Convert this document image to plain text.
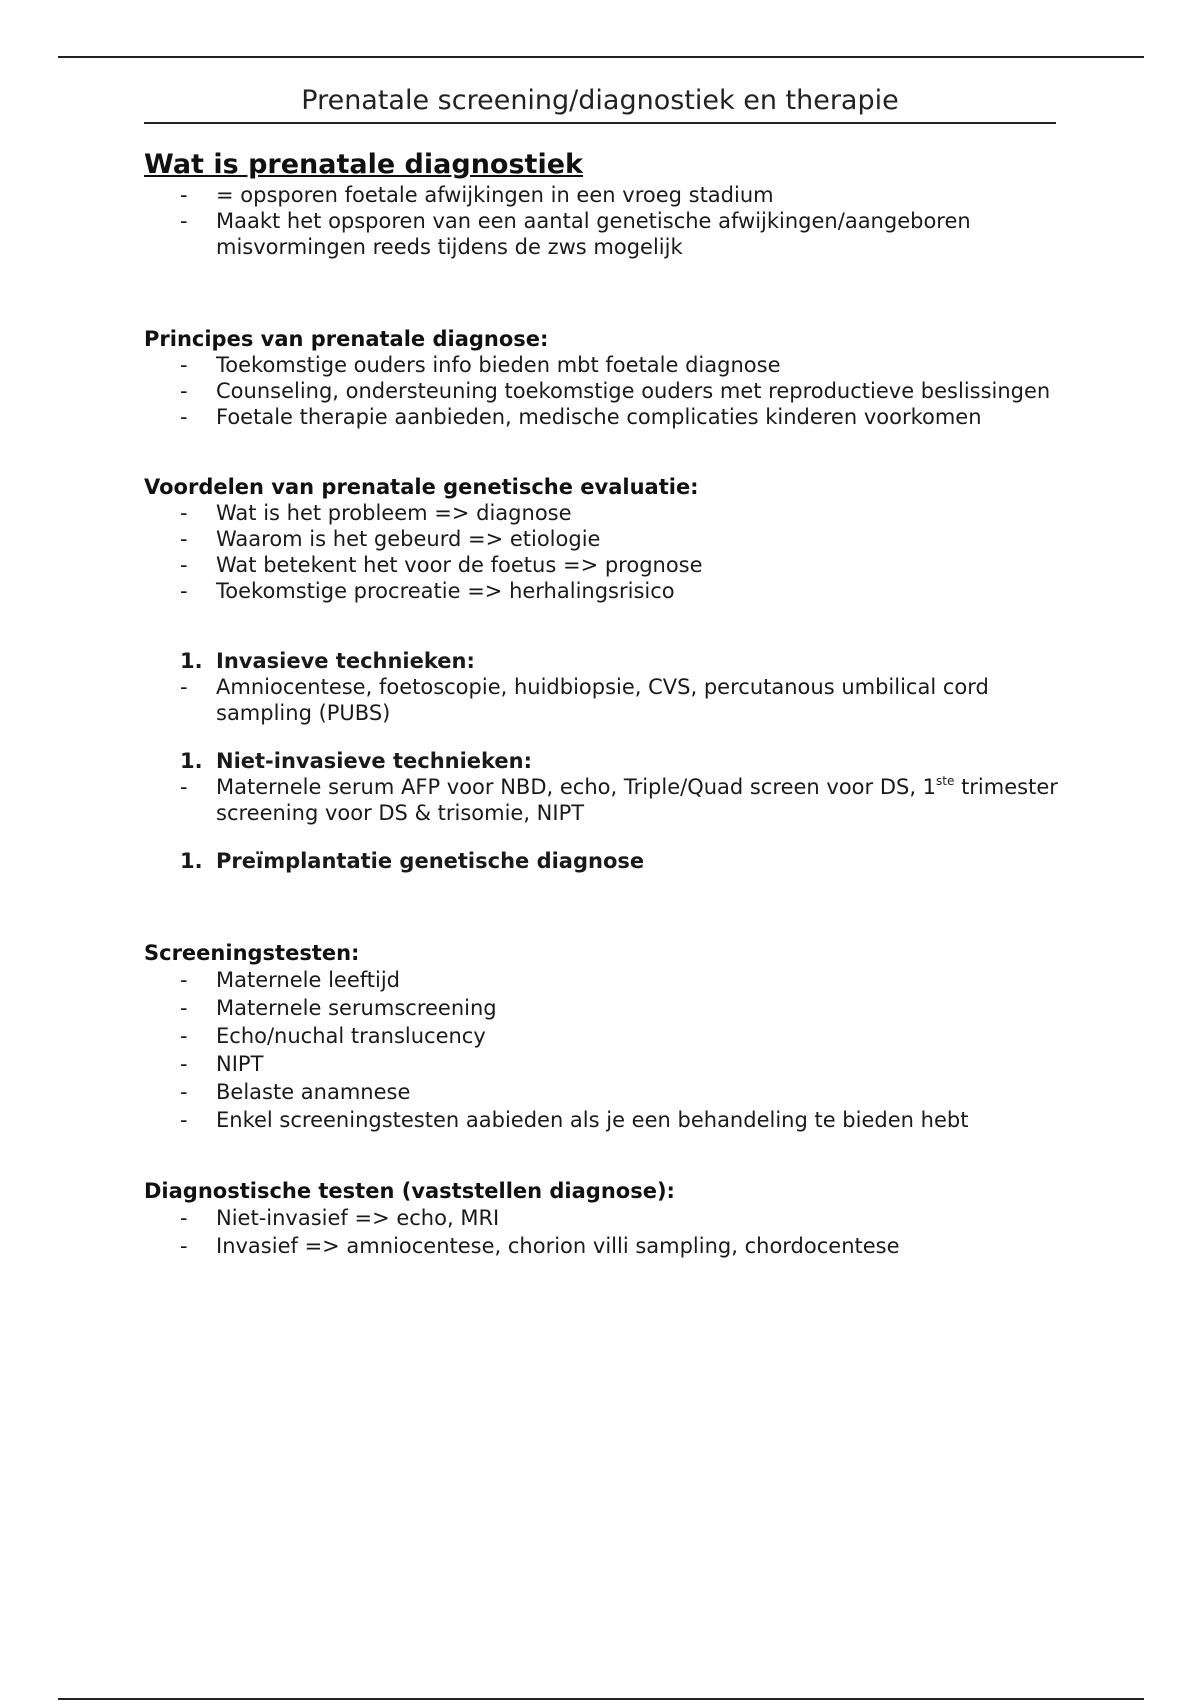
Prenatale screening/diagnostiek en therapie
Wat is prenatale diagnostiek
- = opsporen foetale afwijkingen in een vroeg stadium
- Maakt het opsporen van een aantal genetische afwijkingen/aangeboren misvormingen reeds tijdens de zws mogelijk
Principes van prenatale diagnose:
- Toekomstige ouders info bieden mbt foetale diagnose
- Counseling, ondersteuning toekomstige ouders met reproductieve beslissingen
- Foetale therapie aanbieden, medische complicaties kinderen voorkomen
Voordelen van prenatale genetische evaluatie:
- Wat is het probleem => diagnose
- Waarom is het gebeurd => etiologie
- Wat betekent het voor de foetus => prognose
- Toekomstige procreatie => herhalingsrisico
1. Invasieve technieken:
- Amniocentese, foetoscopie, huidbiopsie, CVS, percutanous umbilical cord sampling (PUBS)
1. Niet-invasieve technieken:
- Maternele serum AFP voor NBD, echo, Triple/Quad screen voor DS, 1ste trimester screening voor DS & trisomie, NIPT
1. Preïmplantatie genetische diagnose
Screeningstesten:
- Maternele leeftijd
- Maternele serumscreening
- Echo/nuchal translucency
- NIPT
- Belaste anamnese
- Enkel screeningstesten aabieden als je een behandeling te bieden hebt
Diagnostische testen (vaststellen diagnose):
- Niet-invasief => echo, MRI
- Invasief => amniocentese, chorion villi sampling, chordocentese
